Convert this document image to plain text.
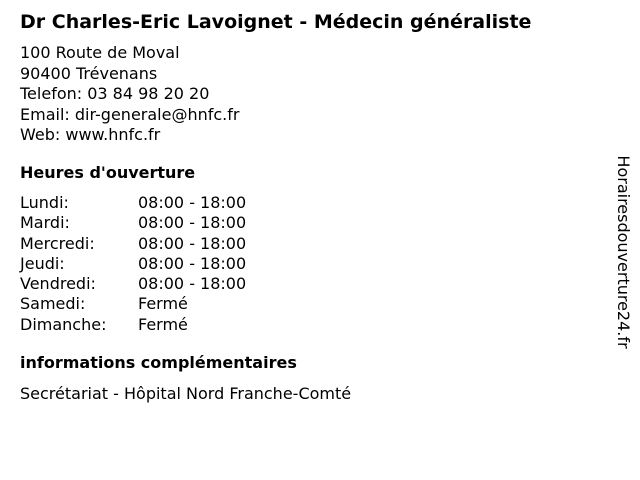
Dr Charles-Eric Lavoignet - Médecin généraliste
100 Route de Moval
90400 Trévenans
Telefon: 03 84 98 20 20
Email: dir-generale@hnfc.fr
Web: www.hnfc.fr
Heures d'ouverture
Lundi:	08:00 - 18:00
Mardi:	08:00 - 18:00
Mercredi:	08:00 - 18:00
Jeudi:	08:00 - 18:00
Vendredi:	08:00 - 18:00
Samedi:	Fermé
Dimanche:	Fermé
informations complémentaires
Secrétariat - Hôpital Nord Franche-Comté
Horairesdouverture24.fr
